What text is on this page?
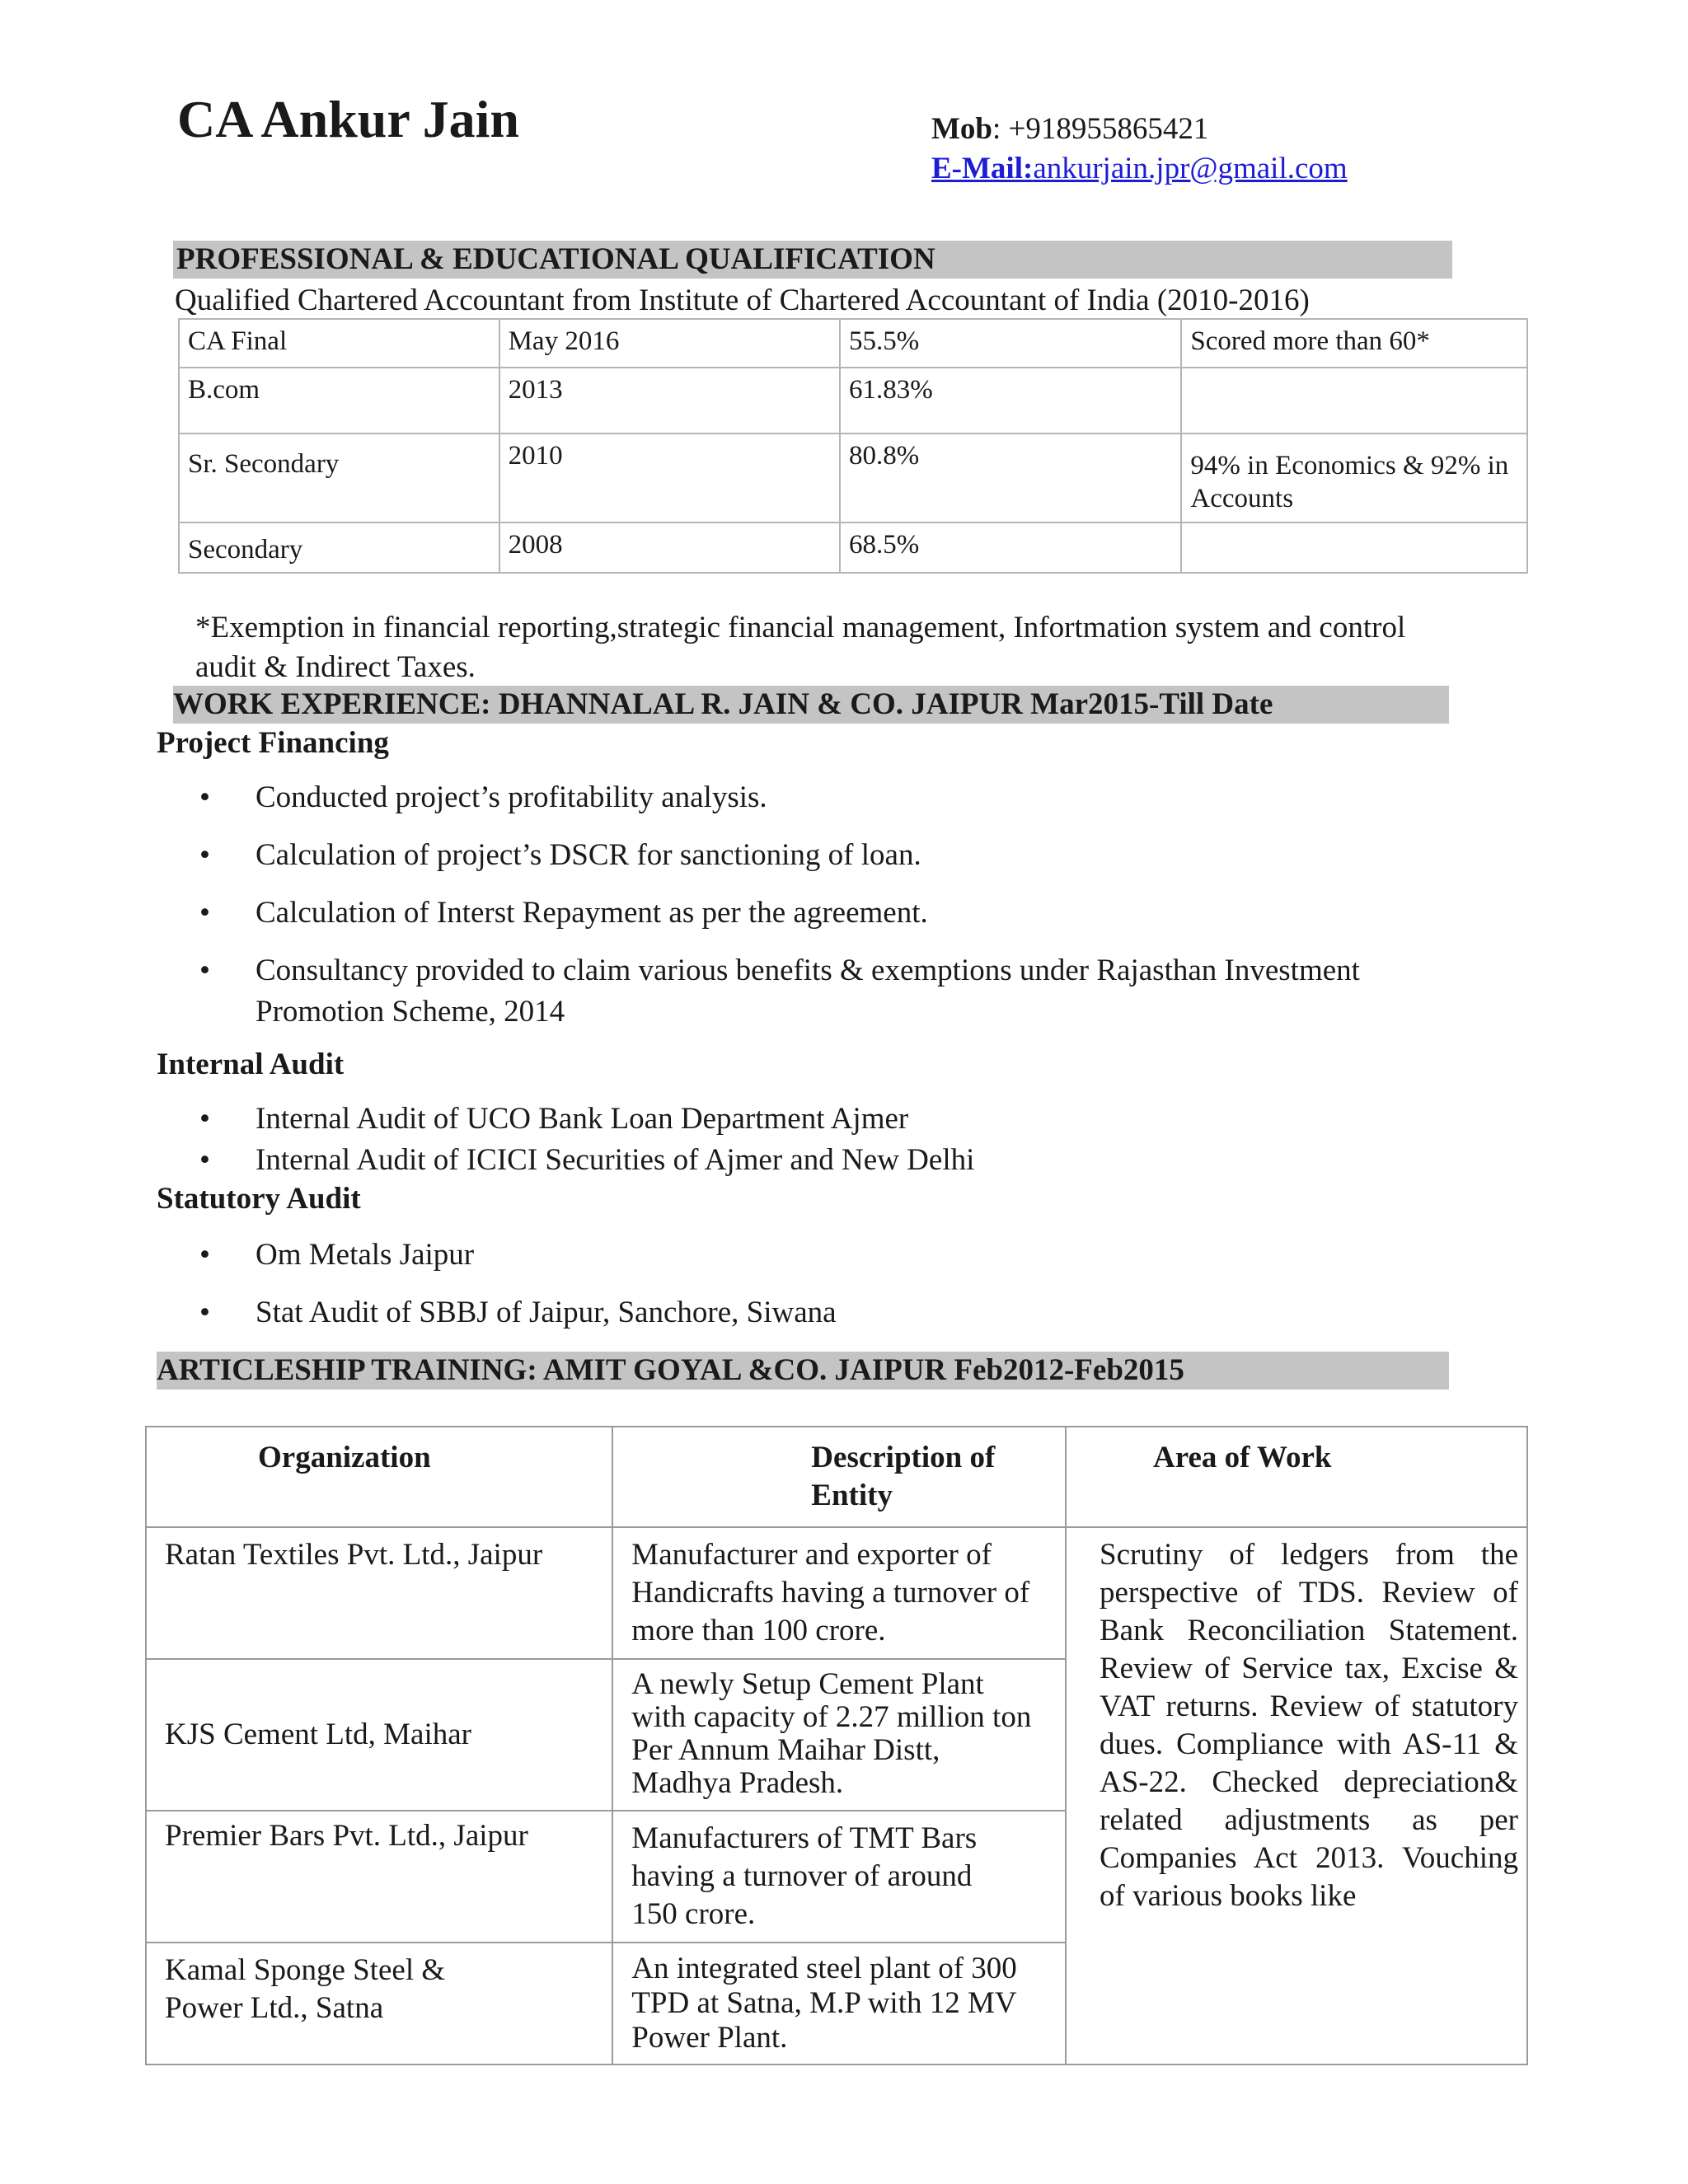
CA Ankur Jain	Mob: +918955865421
E-Mail:ankurjain.jpr@gmail.com
PROFESSIONAL & EDUCATIONAL QUALIFICATION
Qualified Chartered Accountant from Institute of Chartered Accountant of India (2010-2016)
CA Final	May 2016	55.5%	Scored more than 60*
B.com	2013	61.83%	
Sr. Secondary	2010	80.8%	94% in Economics & 92% in Accounts
Secondary	2008	68.5%	
*Exemption in financial reporting,strategic financial management, Infortmation system and control
audit & Indirect Taxes.
WORK EXPERIENCE: DHANNALAL R. JAIN & CO. JAIPUR Mar2015-Till Date
Project Financing
• Conducted project’s profitability analysis.
• Calculation of project’s DSCR for sanctioning of loan.
• Calculation of Interst Repayment as per the agreement.
• Consultancy provided to claim various benefits & exemptions under Rajasthan Investment
Promotion Scheme, 2014
Internal Audit
• Internal Audit of UCO Bank Loan Department Ajmer
• Internal Audit of ICICI Securities of Ajmer and New Delhi
Statutory Audit
• Om Metals Jaipur
• Stat Audit of SBBJ of Jaipur, Sanchore, Siwana
ARTICLESHIP TRAINING: AMIT GOYAL &CO. JAIPUR Feb2012-Feb2015
Organization	Description of Entity	Area of Work
Ratan Textiles Pvt. Ltd., Jaipur	Manufacturer and exporter of Handicrafts having a turnover of more than 100 crore.	Scrutiny of ledgers from the perspective of TDS. Review of Bank Reconciliation Statement. Review of Service tax, Excise & VAT returns. Review of statutory dues. Compliance with AS-11 & AS-22. Checked depreciation& related adjustments as per Companies Act 2013. Vouching of various books like
KJS Cement Ltd, Maihar	A newly Setup Cement Plant with capacity of 2.27 million ton Per Annum Maihar Distt, Madhya Pradesh.	
Premier Bars Pvt. Ltd., Jaipur	Manufacturers of TMT Bars having a turnover of around 150 crore.	
Kamal Sponge Steel & Power Ltd., Satna	An integrated steel plant of 300 TPD at Satna, M.P with 12 MV Power Plant.	
